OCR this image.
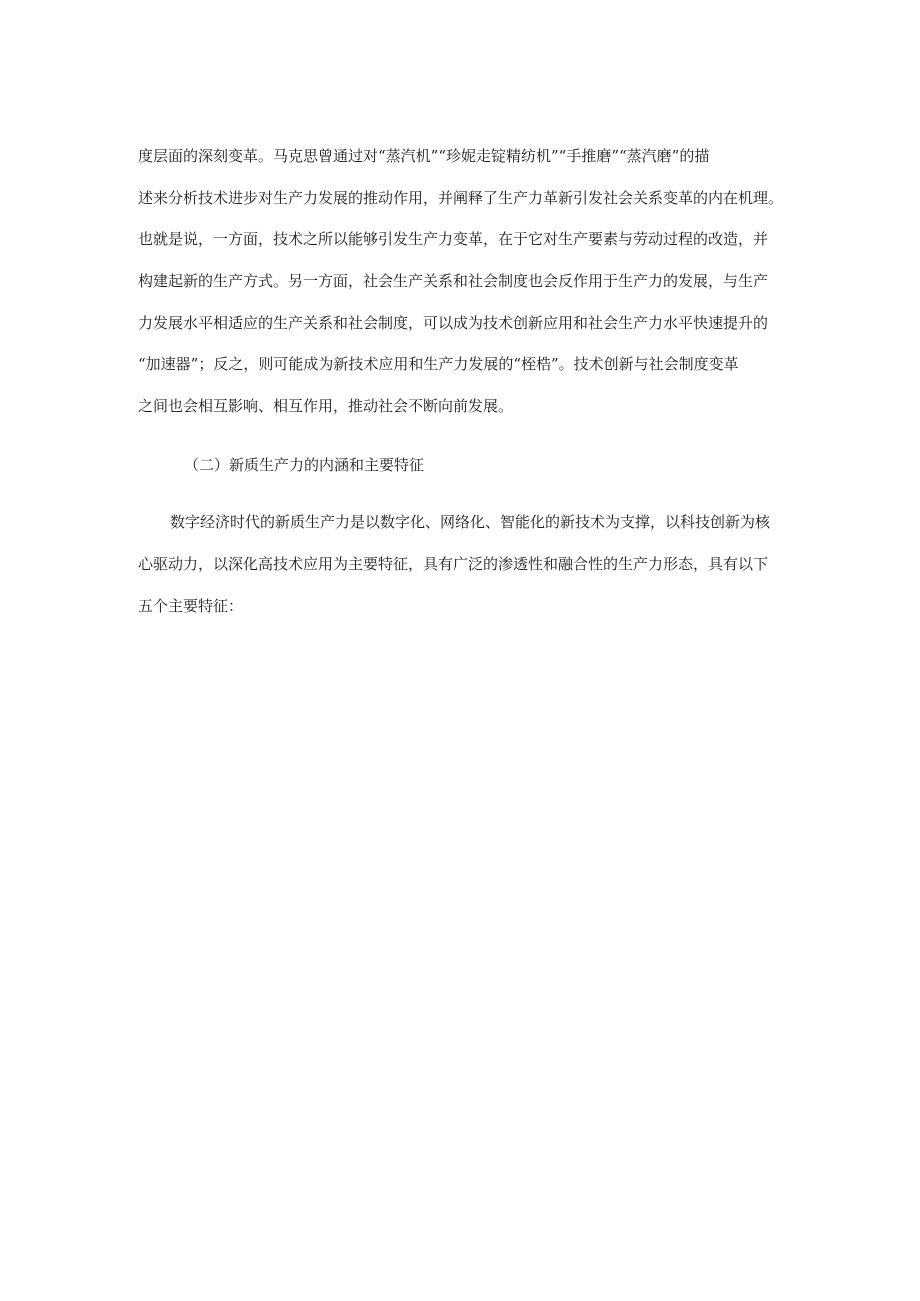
度层面的深刻变革。马克思曾通过对“蒸汽机”“珍妮走锭精纺机”“手推磨”“蒸汽磨”的描
述来分析技术进步对生产力发展的推动作用，并阐释了生产力革新引发社会关系变革的内在机理。
也就是说，一方面，技术之所以能够引发生产力变革，在于它对生产要素与劳动过程的改造，并
构建起新的生产方式。另一方面，社会生产关系和社会制度也会反作用于生产力的发展，与生产
力发展水平相适应的生产关系和社会制度，可以成为技术创新应用和社会生产力水平快速提升的
“加速器”；反之，则可能成为新技术应用和生产力发展的“桎梏”。技术创新与社会制度变革
之间也会相互影响、相互作用，推动社会不断向前发展。
（二）新质生产力的内涵和主要特征
数字经济时代的新质生产力是以数字化、网络化、智能化的新技术为支撑，以科技创新为核
心驱动力，以深化高技术应用为主要特征，具有广泛的渗透性和融合性的生产力形态，具有以下
五个主要特征：
